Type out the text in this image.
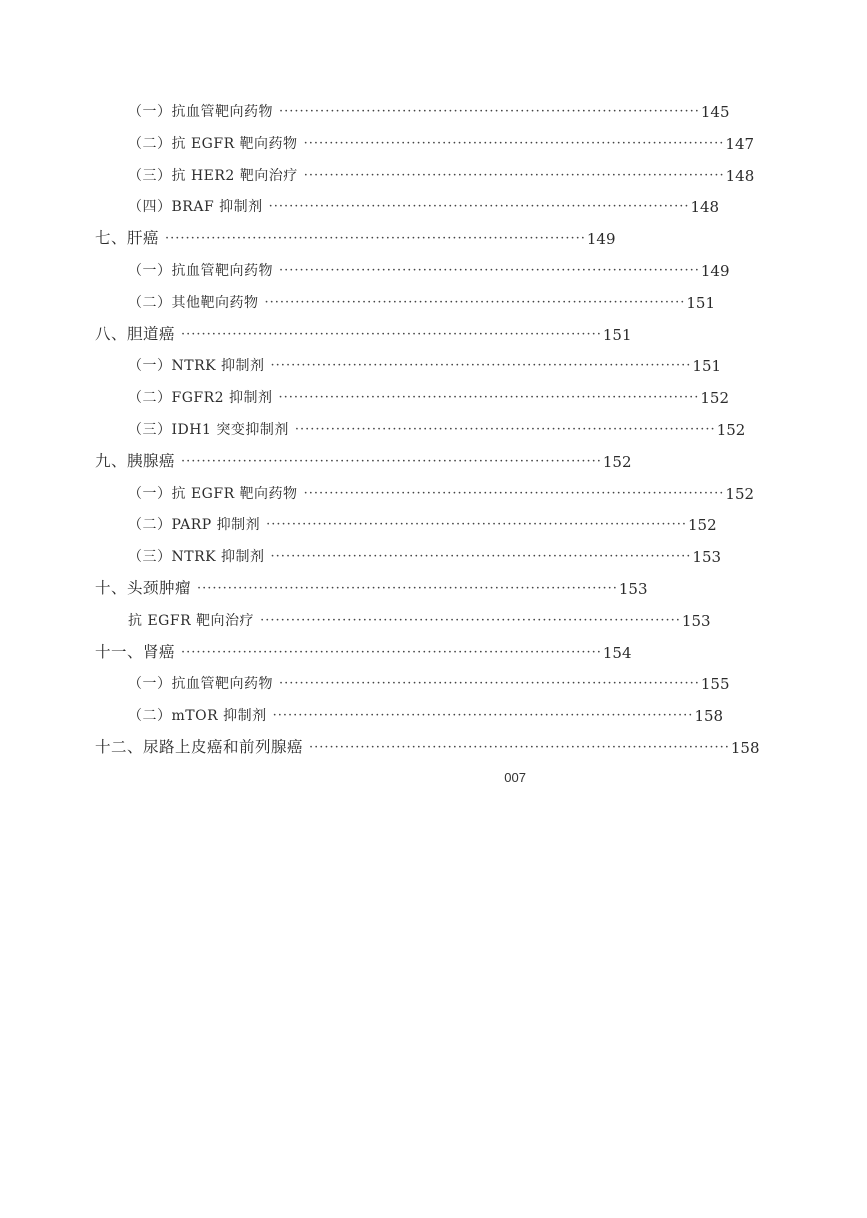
（一）抗血管靶向药物 ·················································································· 145
（二）抗 EGFR 靶向药物 ·················································································· 147
（三）抗 HER2 靶向治疗 ·················································································· 148
（四）BRAF 抑制剂 ·················································································· 148
七、肝癌 ·················································································· 149
（一）抗血管靶向药物 ·················································································· 149
（二）其他靶向药物 ·················································································· 151
八、胆道癌 ·················································································· 151
（一）NTRK 抑制剂 ·················································································· 151
（二）FGFR2 抑制剂 ·················································································· 152
（三）IDH1 突变抑制剂 ·················································································· 152
九、胰腺癌 ·················································································· 152
（一）抗 EGFR 靶向药物 ·················································································· 152
（二）PARP 抑制剂 ·················································································· 152
（三）NTRK 抑制剂 ·················································································· 153
十、头颈肿瘤 ·················································································· 153
抗 EGFR 靶向治疗 ·················································································· 153
十一、肾癌 ·················································································· 154
（一）抗血管靶向药物 ·················································································· 155
（二）mTOR 抑制剂 ·················································································· 158
十二、尿路上皮癌和前列腺癌 ·················································································· 158
007
